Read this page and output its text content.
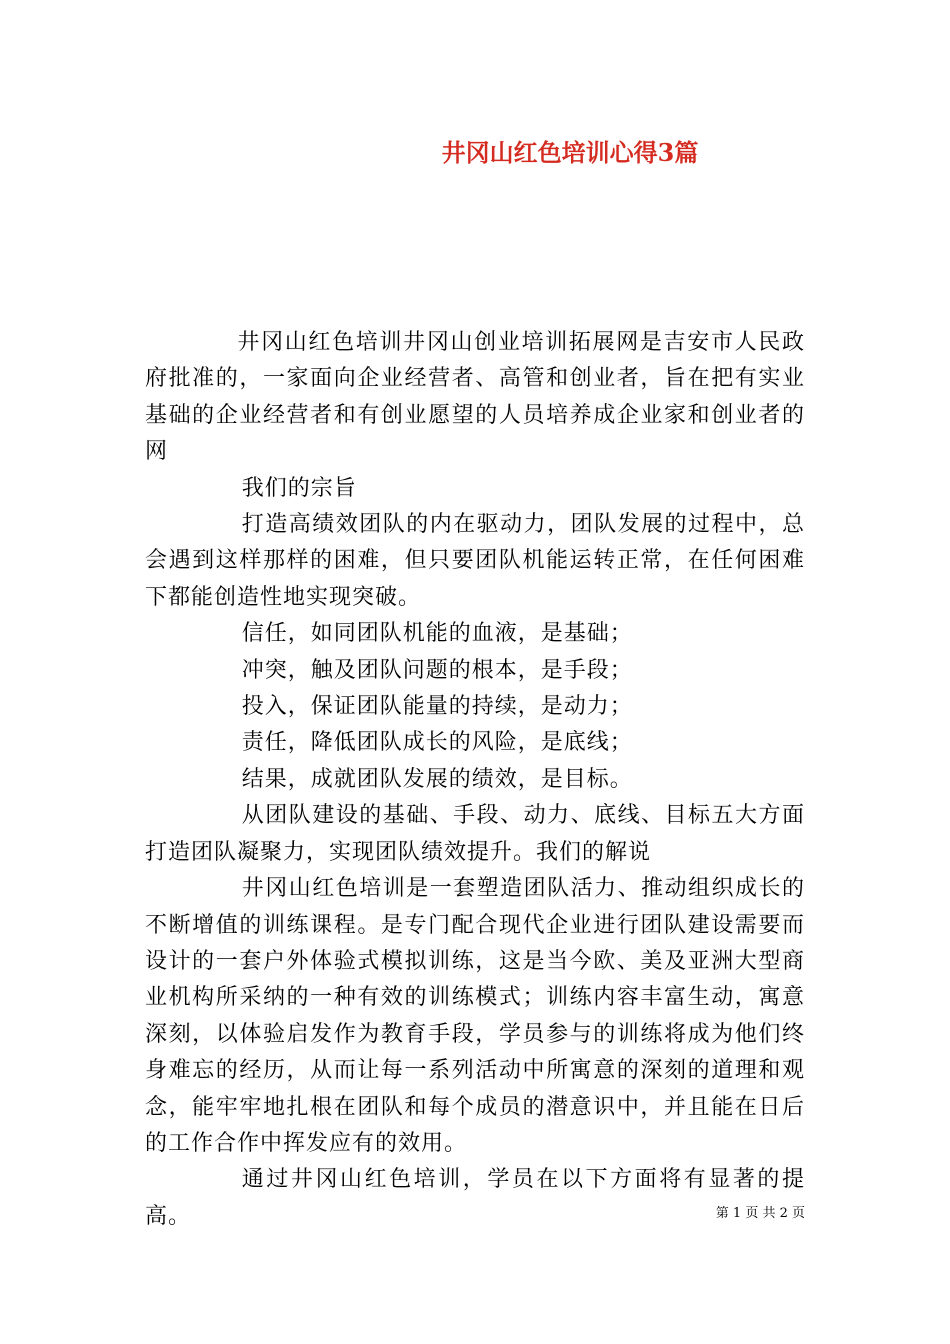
井冈山红色培训心得3篇

井冈山红色培训井冈山创业培训拓展网是吉安市人民政府批准的，一家面向企业经营者、高管和创业者，旨在把有实业基础的企业经营者和有创业愿望的人员培养成企业家和创业者的网

我们的宗旨

打造高绩效团队的内在驱动力，团队发展的过程中，总会遇到这样那样的困难，但只要团队机能运转正常，在任何困难下都能创造性地实现突破。

信任，如同团队机能的血液，是基础；

冲突，触及团队问题的根本，是手段；

投入，保证团队能量的持续，是动力；

责任，降低团队成长的风险，是底线；

结果，成就团队发展的绩效，是目标。

从团队建设的基础、手段、动力、底线、目标五大方面打造团队凝聚力，实现团队绩效提升。我们的解说

井冈山红色培训是一套塑造团队活力、推动组织成长的不断增值的训练课程。是专门配合现代企业进行团队建设需要而设计的一套户外体验式模拟训练，这是当今欧、美及亚洲大型商业机构所采纳的一种有效的训练模式；训练内容丰富生动，寓意深刻，以体验启发作为教育手段，学员参与的训练将成为他们终身难忘的经历，从而让每一系列活动中所寓意的深刻的道理和观念，能牢牢地扎根在团队和每个成员的潜意识中，并且能在日后的工作合作中挥发应有的效用。

通过井冈山红色培训，学员在以下方面将有显著的提高。	第 1 页 共 2 页
